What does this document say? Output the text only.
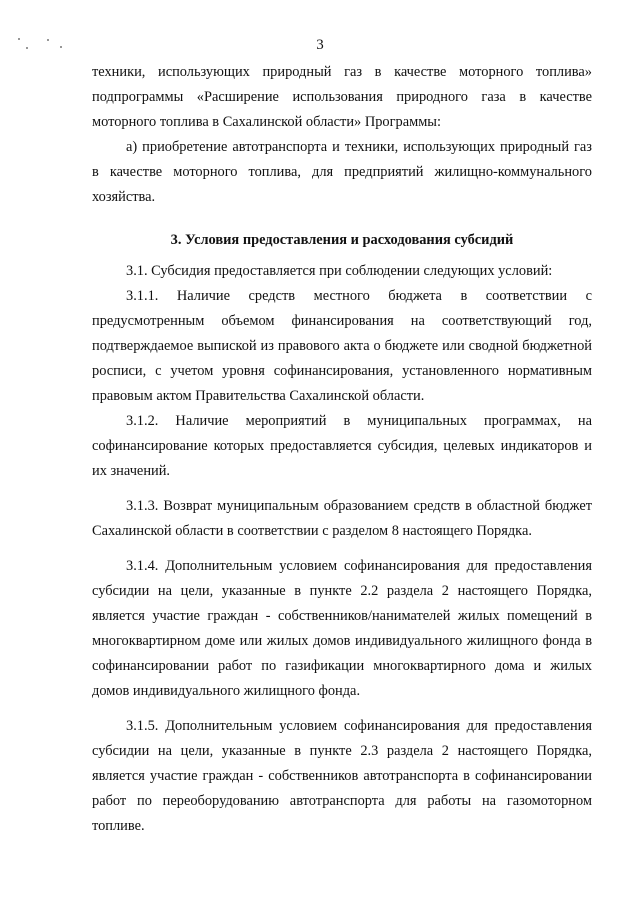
3

техники, использующих природный газ в качестве моторного топлива» подпрограммы «Расширение использования природного газа в качестве моторного топлива в Сахалинской области» Программы:

а) приобретение автотранспорта и техники, использующих природный газ в качестве моторного топлива, для предприятий жилищно-коммунального хозяйства.

3. Условия предоставления и расходования субсидий

3.1. Субсидия предоставляется при соблюдении следующих условий:

3.1.1. Наличие средств местного бюджета в соответствии с предусмотренным объемом финансирования на соответствующий год, подтверждаемое выпиской из правового акта о бюджете или сводной бюджетной росписи, с учетом уровня софинансирования, установленного нормативным правовым актом Правительства Сахалинской области.

3.1.2. Наличие мероприятий в муниципальных программах, на софинансирование которых предоставляется субсидия, целевых индикаторов и их значений.

3.1.3. Возврат муниципальным образованием средств в областной бюджет Сахалинской области в соответствии с разделом 8 настоящего Порядка.

3.1.4. Дополнительным условием софинансирования для предоставления субсидии на цели, указанные в пункте 2.2 раздела 2 настоящего Порядка, является участие граждан - собственников/нанимателей жилых помещений в многоквартирном доме или жилых домов индивидуального жилищного фонда в софинансировании работ по газификации многоквартирного дома и жилых домов индивидуального жилищного фонда.

3.1.5. Дополнительным условием софинансирования для предоставления субсидии на цели, указанные в пункте 2.3 раздела 2 настоящего Порядка, является участие граждан - собственников автотранспорта в софинансировании работ по переоборудованию автотранспорта для работы на газомоторном топливе.
